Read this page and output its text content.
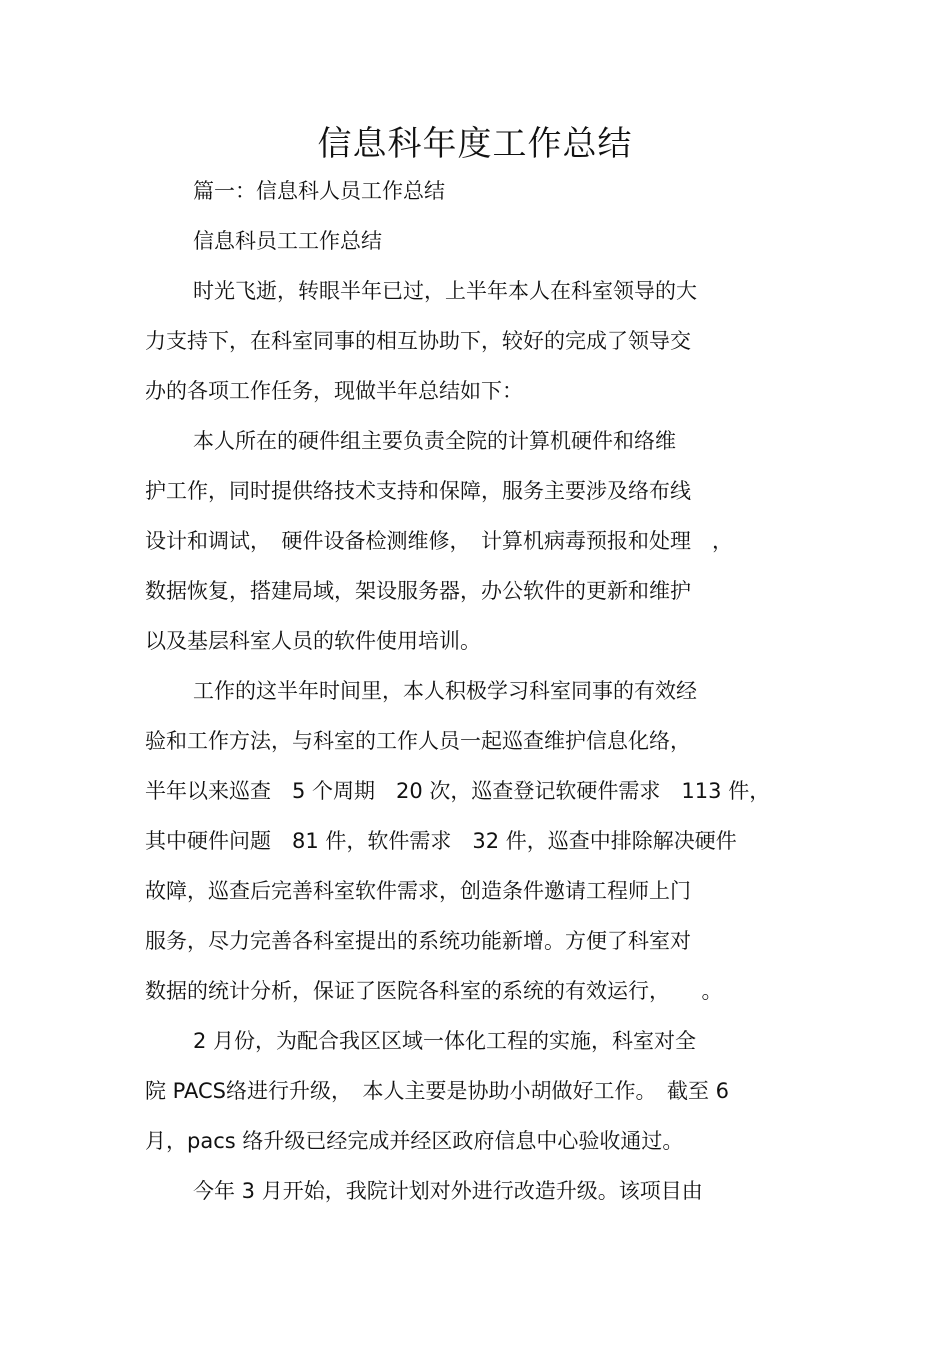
信息科年度工作总结
篇一：信息科人员工作总结
信息科员工工作总结
时光飞逝，转眼半年已过，上半年本人在科室领导的大
力支持下，在科室同事的相互协助下，较好的完成了领导交
办的各项工作任务，现做半年总结如下：
本人所在的硬件组主要负责全院的计算机硬件和络维
护工作，同时提供络技术支持和保障，服务主要涉及络布线
设计和调试，　硬件设备检测维修，　计算机病毒预报和处理　，
数据恢复，搭建局域，架设服务器，办公软件的更新和维护
以及基层科室人员的软件使用培训。
工作的这半年时间里，本人积极学习科室同事的有效经
验和工作方法，与科室的工作人员一起巡查维护信息化络，
半年以来巡查　5 个周期　20 次，巡查登记软硬件需求　113 件，
其中硬件问题　81 件，软件需求　32 件，巡查中排除解决硬件
故障，巡查后完善科室软件需求，创造条件邀请工程师上门
服务，尽力完善各科室提出的系统功能新增。方便了科室对
数据的统计分析，保证了医院各科室的系统的有效运行，　　。
2 月份，为配合我区区域一体化工程的实施，科室对全
院 PACS络进行升级，　本人主要是协助小胡做好工作。　截至 6
月，pacs 络升级已经完成并经区政府信息中心验收通过。
今年 3 月开始，我院计划对外进行改造升级。该项目由
